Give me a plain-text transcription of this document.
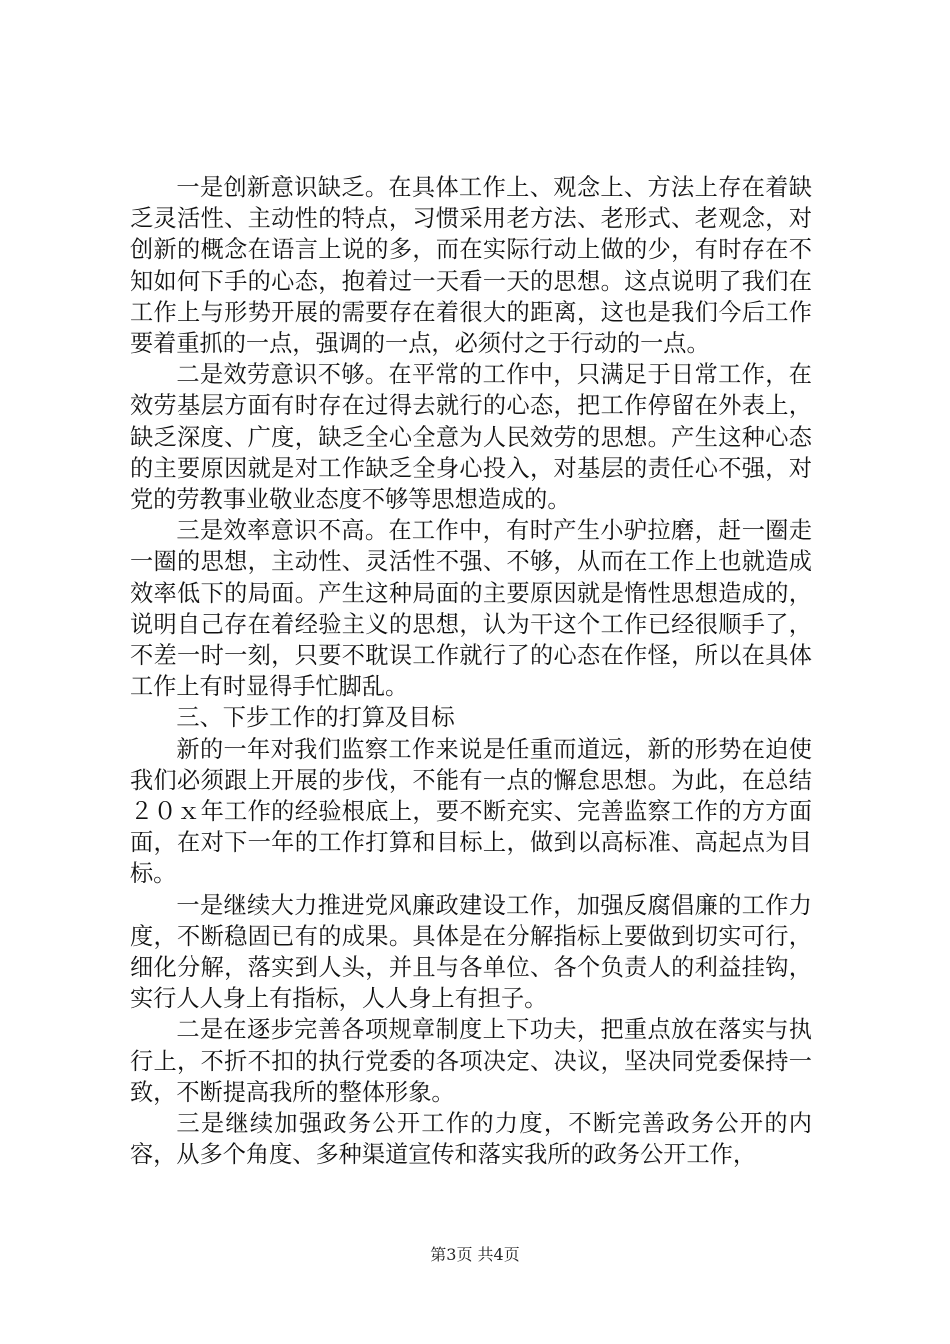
一是创新意识缺乏。在具体工作上、观念上、方法上存在着缺乏灵活性、主动性的特点，习惯采用老方法、老形式、老观念，对创新的概念在语言上说的多，而在实际行动上做的少，有时存在不知如何下手的心态，抱着过一天看一天的思想。这点说明了我们在工作上与形势开展的需要存在着很大的距离，这也是我们今后工作要着重抓的一点，强调的一点，必须付之于行动的一点。

二是效劳意识不够。在平常的工作中，只满足于日常工作，在效劳基层方面有时存在过得去就行的心态，把工作停留在外表上，缺乏深度、广度，缺乏全心全意为人民效劳的思想。产生这种心态的主要原因就是对工作缺乏全身心投入，对基层的责任心不强，对党的劳教事业敬业态度不够等思想造成的。

三是效率意识不高。在工作中，有时产生小驴拉磨，赶一圈走一圈的思想，主动性、灵活性不强、不够，从而在工作上也就造成效率低下的局面。产生这种局面的主要原因就是惰性思想造成的，说明自己存在着经验主义的思想，认为干这个工作已经很顺手了，不差一时一刻，只要不耽误工作就行了的心态在作怪，所以在具体工作上有时显得手忙脚乱。

三、下步工作的打算及目标

新的一年对我们监察工作来说是任重而道远，新的形势在迫使我们必须跟上开展的步伐，不能有一点的懈怠思想。为此，在总结２０ｘ年工作的经验根底上，要不断充实、完善监察工作的方方面面，在对下一年的工作打算和目标上，做到以高标准、高起点为目标。

一是继续大力推进党风廉政建设工作，加强反腐倡廉的工作力度，不断稳固已有的成果。具体是在分解指标上要做到切实可行，细化分解，落实到人头，并且与各单位、各个负责人的利益挂钩，实行人人身上有指标，人人身上有担子。

二是在逐步完善各项规章制度上下功夫，把重点放在落实与执行上，不折不扣的执行党委的各项决定、决议，坚决同党委保持一致，不断提高我所的整体形象。

三是继续加强政务公开工作的力度，不断完善政务公开的内容，从多个角度、多种渠道宣传和落实我所的政务公开工作，

第3页 共4页
